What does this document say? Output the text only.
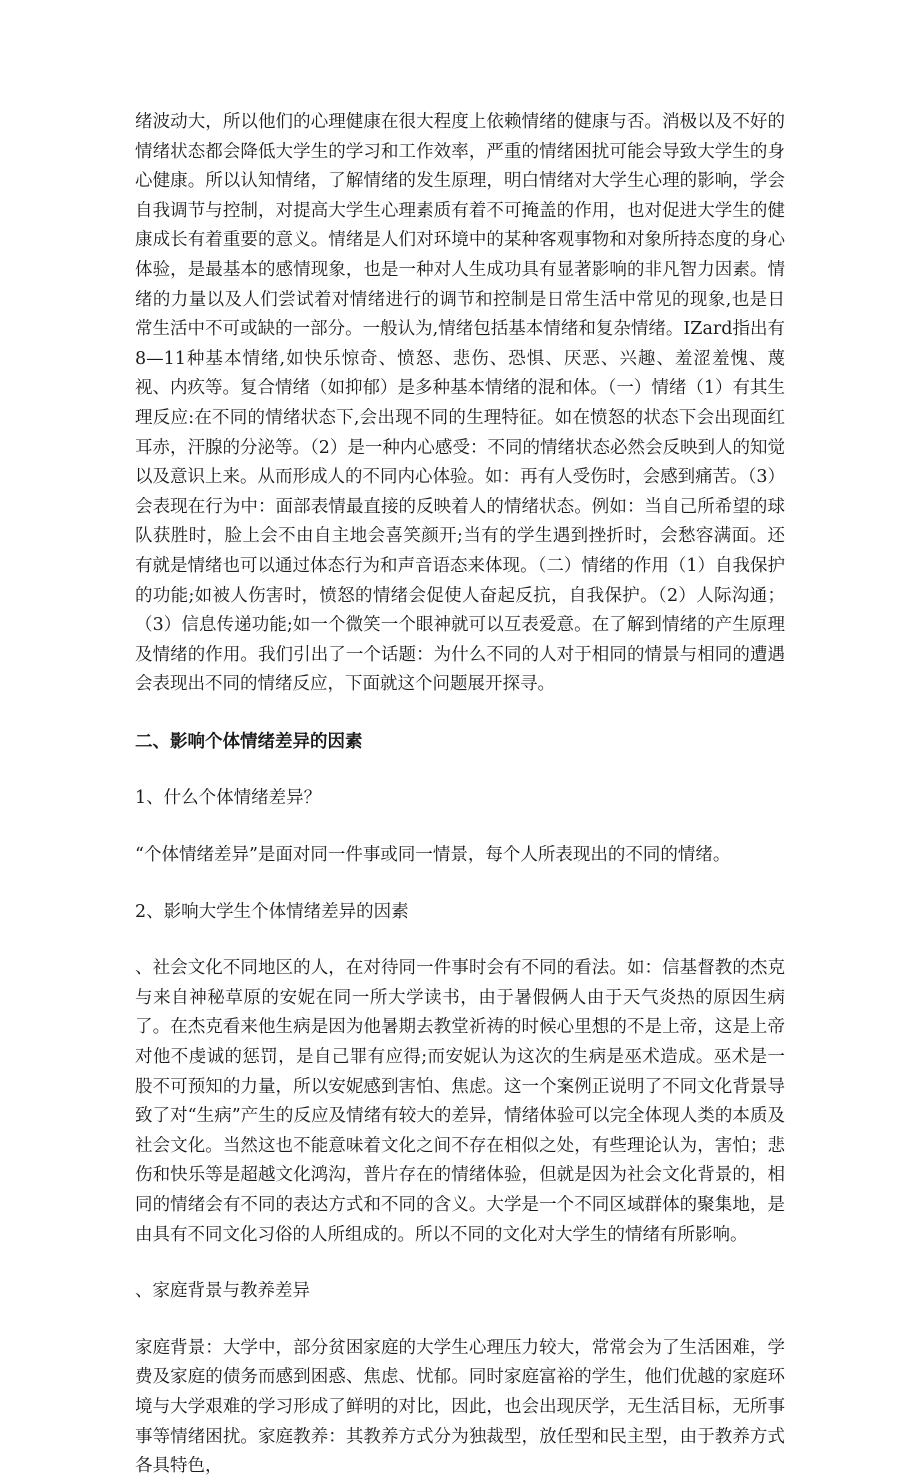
绪波动大，所以他们的心理健康在很大程度上依赖情绪的健康与否。消极以及不好的情绪状态都会降低大学生的学习和工作效率，严重的情绪困扰可能会导致大学生的身心健康。所以认知情绪，了解情绪的发生原理，明白情绪对大学生心理的影响，学会自我调节与控制，对提高大学生心理素质有着不可掩盖的作用，也对促进大学生的健康成长有着重要的意义。情绪是人们对环境中的某种客观事物和对象所持态度的身心体验，是最基本的感情现象，也是一种对人生成功具有显著影响的非凡智力因素。情绪的力量以及人们尝试着对情绪进行的调节和控制是日常生活中常见的现象,也是日常生活中不可或缺的一部分。一般认为,情绪包括基本情绪和复杂情绪。IZard指出有8—11种基本情绪,如快乐惊奇、愤怒、悲伤、恐惧、厌恶、兴趣、羞涩羞愧、蔑视、内疚等。复合情绪（如抑郁）是多种基本情绪的混和体。（一）情绪（1）有其生理反应:在不同的情绪状态下,会出现不同的生理特征。如在愤怒的状态下会出现面红耳赤，汗腺的分泌等。（2）是一种内心感受：不同的情绪状态必然会反映到人的知觉以及意识上来。从而形成人的不同内心体验。如：再有人受伤时，会感到痛苦。（3）会表现在行为中：面部表情最直接的反映着人的情绪状态。例如：当自己所希望的球队获胜时，脸上会不由自主地会喜笑颜开;当有的学生遇到挫折时，会愁容满面。还有就是情绪也可以通过体态行为和声音语态来体现。（二）情绪的作用（1）自我保护的功能;如被人伤害时，愤怒的情绪会促使人奋起反抗，自我保护。（2）人际沟通；（3）信息传递功能;如一个微笑一个眼神就可以互表爱意。在了解到情绪的产生原理及情绪的作用。我们引出了一个话题：为什么不同的人对于相同的情景与相同的遭遇会表现出不同的情绪反应，下面就这个问题展开探寻。

二、影响个体情绪差异的因素

1、什么个体情绪差异？

“个体情绪差异”是面对同一件事或同一情景，每个人所表现出的不同的情绪。

2、影响大学生个体情绪差异的因素

、社会文化不同地区的人，在对待同一件事时会有不同的看法。如：信基督教的杰克与来自神秘草原的安妮在同一所大学读书，由于暑假俩人由于天气炎热的原因生病了。在杰克看来他生病是因为他暑期去教堂祈祷的时候心里想的不是上帝，这是上帝对他不虔诚的惩罚，是自己罪有应得;而安妮认为这次的生病是巫术造成。巫术是一股不可预知的力量，所以安妮感到害怕、焦虑。这一个案例正说明了不同文化背景导致了对“生病”产生的反应及情绪有较大的差异，情绪体验可以完全体现人类的本质及社会文化。当然这也不能意味着文化之间不存在相似之处，有些理论认为，害怕；悲伤和快乐等是超越文化鸿沟，普片存在的情绪体验，但就是因为社会文化背景的，相同的情绪会有不同的表达方式和不同的含义。大学是一个不同区域群体的聚集地，是由具有不同文化习俗的人所组成的。所以不同的文化对大学生的情绪有所影响。

、家庭背景与教养差异

家庭背景：大学中，部分贫困家庭的大学生心理压力较大，常常会为了生活困难，学费及家庭的债务而感到困惑、焦虑、忧郁。同时家庭富裕的学生，他们优越的家庭环境与大学艰难的学习形成了鲜明的对比，因此，也会出现厌学，无生活目标，无所事事等情绪困扰。家庭教养：其教养方式分为独裁型，放任型和民主型，由于教养方式各具特色，
